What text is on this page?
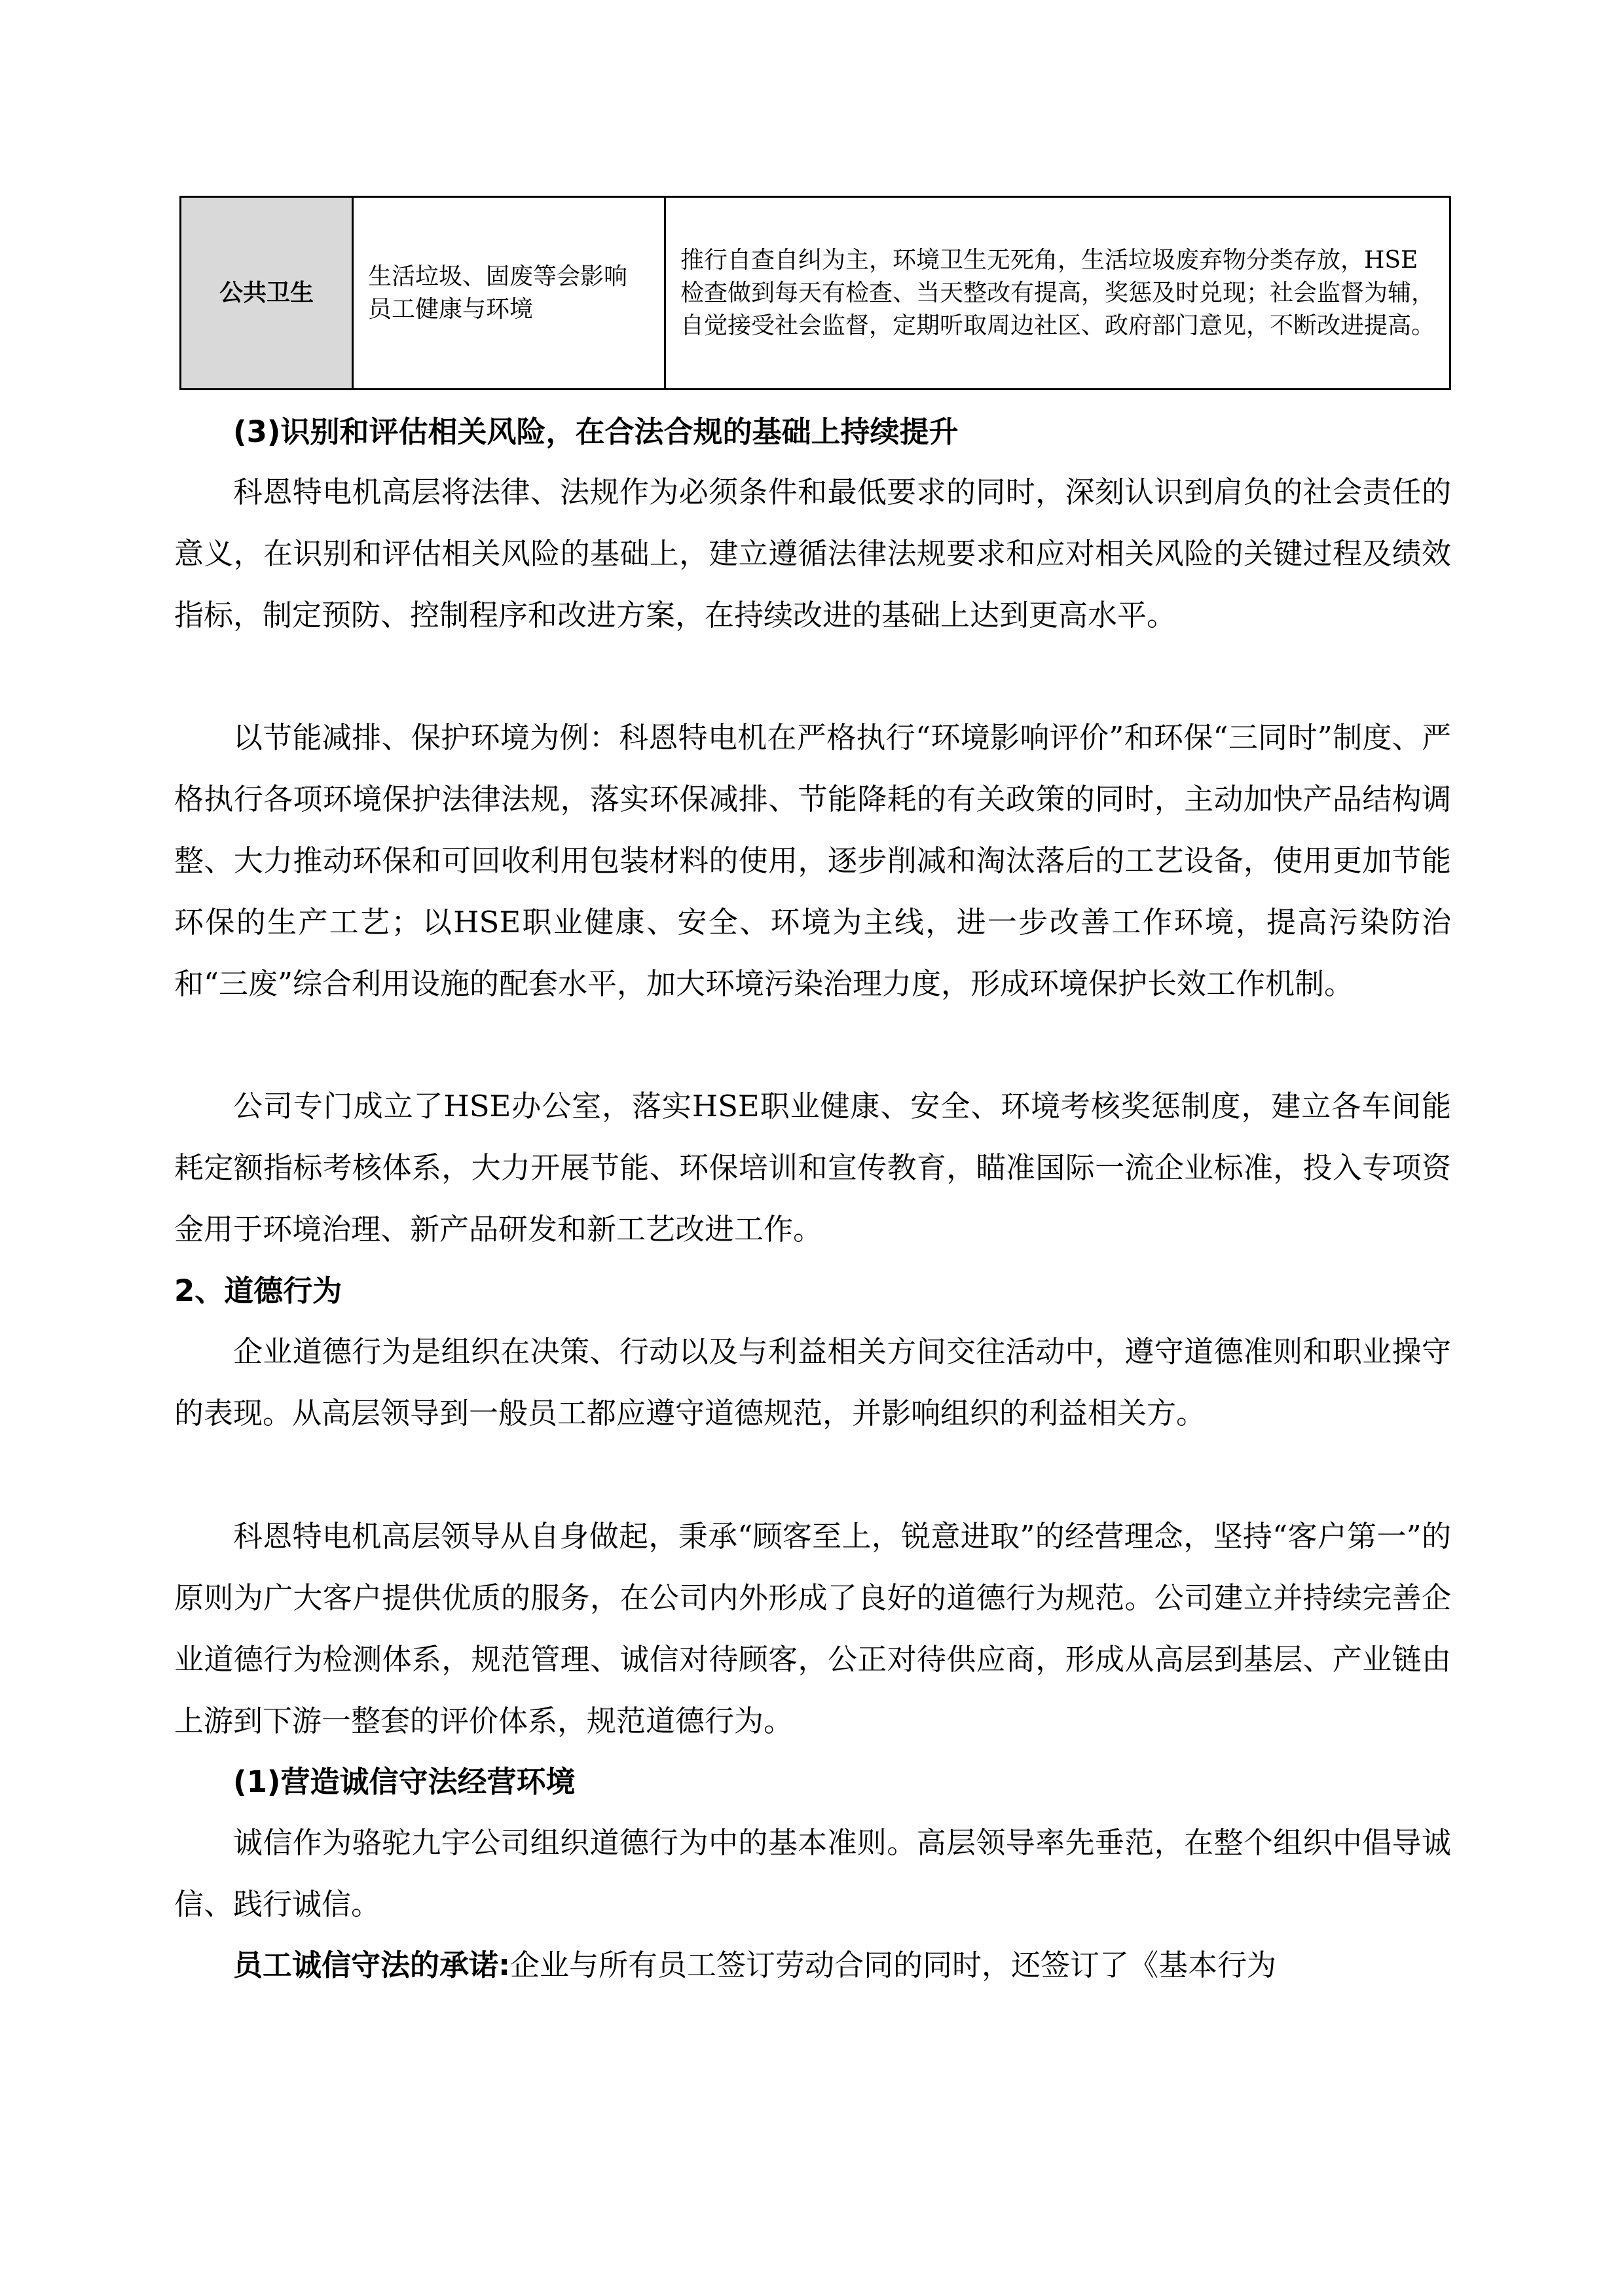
公共卫生	生活垃圾、固废等会影响员工健康与环境	推行自查自纠为主，环境卫生无死角，生活垃圾废弃物分类存放，HSE检查做到每天有检查、当天整改有提高，奖惩及时兑现；社会监督为辅，自觉接受社会监督，定期听取周边社区、政府部门意见，不断改进提高。

(3)识别和评估相关风险，在合法合规的基础上持续提升

科恩特电机高层将法律、法规作为必须条件和最低要求的同时，深刻认识到肩负的社会责任的意义，在识别和评估相关风险的基础上，建立遵循法律法规要求和应对相关风险的关键过程及绩效指标，制定预防、控制程序和改进方案，在持续改进的基础上达到更高水平。

以节能减排、保护环境为例：科恩特电机在严格执行“环境影响评价”和环保“三同时”制度、严格执行各项环境保护法律法规，落实环保减排、节能降耗的有关政策的同时，主动加快产品结构调整、大力推动环保和可回收利用包装材料的使用，逐步削减和淘汰落后的工艺设备，使用更加节能环保的生产工艺；以HSE职业健康、安全、环境为主线，进一步改善工作环境，提高污染防治和“三废”综合利用设施的配套水平，加大环境污染治理力度，形成环境保护长效工作机制。

公司专门成立了HSE办公室，落实HSE职业健康、安全、环境考核奖惩制度，建立各车间能耗定额指标考核体系，大力开展节能、环保培训和宣传教育，瞄准国际一流企业标准，投入专项资金用于环境治理、新产品研发和新工艺改进工作。

2、道德行为

企业道德行为是组织在决策、行动以及与利益相关方间交往活动中，遵守道德准则和职业操守的表现。从高层领导到一般员工都应遵守道德规范，并影响组织的利益相关方。

科恩特电机高层领导从自身做起，秉承“顾客至上，锐意进取”的经营理念，坚持“客户第一”的原则为广大客户提供优质的服务，在公司内外形成了良好的道德行为规范。公司建立并持续完善企业道德行为检测体系，规范管理、诚信对待顾客，公正对待供应商，形成从高层到基层、产业链由上游到下游一整套的评价体系，规范道德行为。

(1)营造诚信守法经营环境

诚信作为骆驼九宇公司组织道德行为中的基本准则。高层领导率先垂范，在整个组织中倡导诚信、践行诚信。

员工诚信守法的承诺:企业与所有员工签订劳动合同的同时，还签订了《基本行为
